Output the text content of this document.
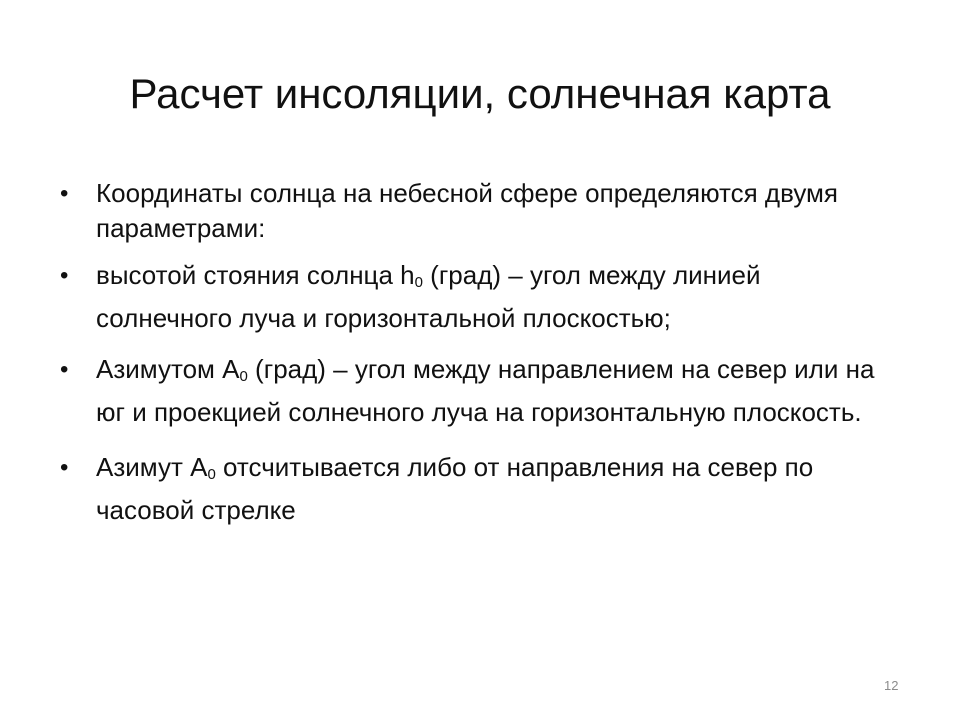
Расчет инсоляции, солнечная карта
• Координаты солнца на небесной сфере определяются двумя параметрами:
• высотой стояния солнца $h_0$ (град) – угол между линией солнечного луча и горизонтальной плоскостью;
• Азимутом $А_0$ (град) – угол между направлением на север или на юг и проекцией солнечного луча на горизонтальную плоскость.
• Азимут $А_0$ отсчитывается либо от направления на север по часовой стрелке
12
